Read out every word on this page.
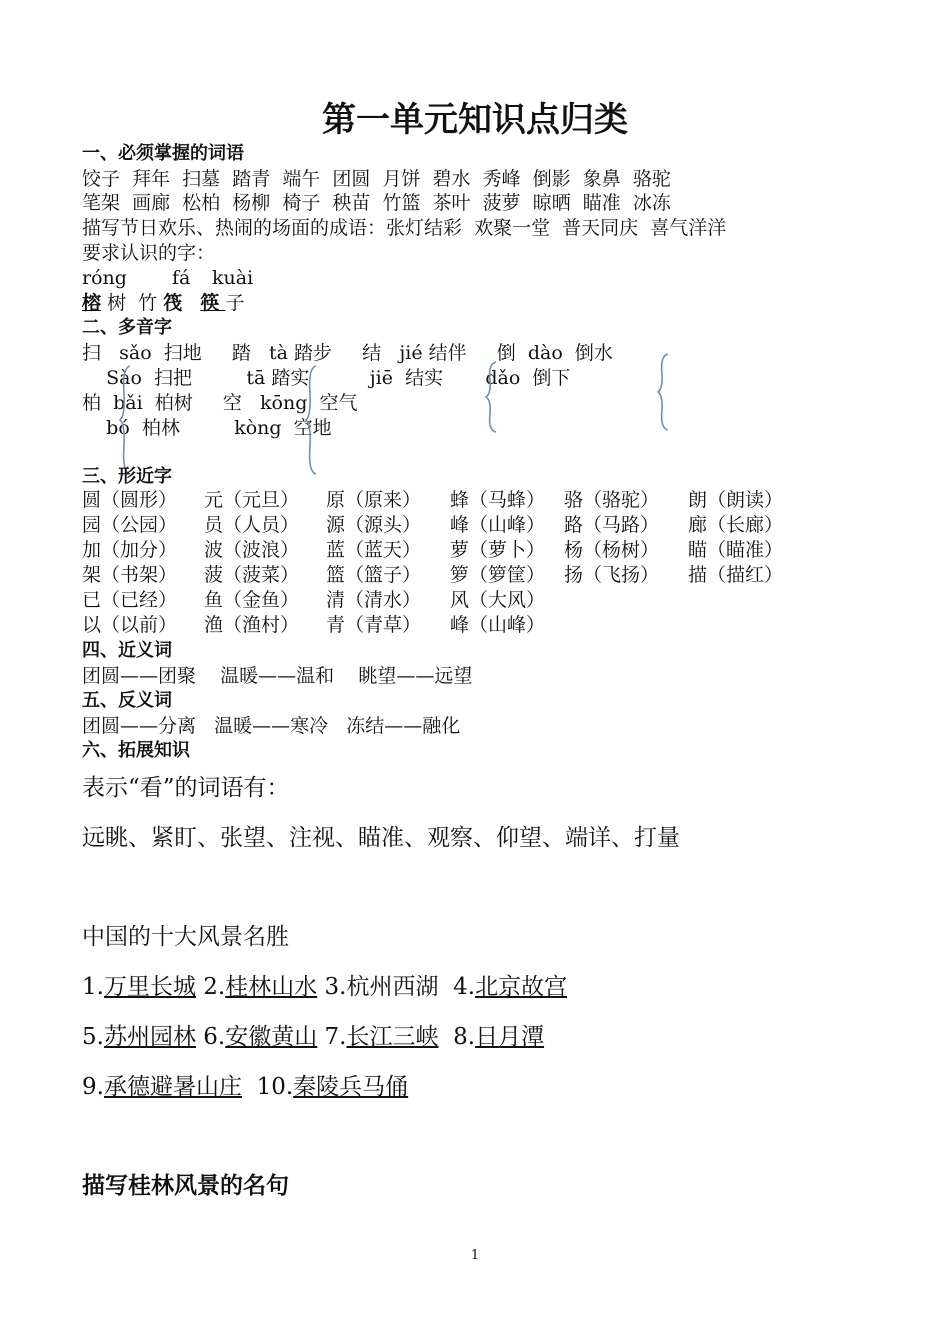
第一单元知识点归类
一、必须掌握的词语
饺子  拜年  扫墓  踏青  端午  团圆  月饼  碧水  秀峰  倒影  象鼻  骆驼
笔架  画廊  松柏  杨柳  椅子  秧苗  竹篮  茶叶  菠萝  晾晒  瞄准  冰冻
描写节日欢乐、热闹的场面的成语：张灯结彩  欢聚一堂  普天同庆  喜气洋洋
要求认识的字：
róng fá kuài
榕 树 竹 筏 筷 子
二、多音字
扫   sǎo  扫地     踏   tà 踏步     结   jié 结伴     倒  dào  倒水
Sào  扫把         tā 踏实          jiē  结实       dǎo  倒下
柏  bǎi  柏树     空   kōng  空气
bó  柏林         kòng  空地
三、形近字
圆（圆形）	元（元旦）	原（原来）	蜂（马蜂） 骆（骆驼）	朗（朗读）
园（公园）	员（人员）	源（源头）	峰（山峰） 路（马路）	廊（长廊）
加（加分）	波（波浪）	蓝（蓝天）	萝（萝卜） 杨（杨树）	瞄（瞄准）
架（书架）	菠（菠菜）	篮（篮子）	箩（箩筐） 扬（飞扬）	描（描红）
已（已经）	鱼（金鱼）	清（清水）	风（大风）
以（以前）	渔（渔村）	青（青草）	峰（山峰）
四、近义词
团圆——团聚    温暖——温和    眺望——远望
五、反义词
团圆——分离   温暖——寒冷   冻结——融化
六、拓展知识
表示“看”的词语有：
远眺、紧盯、张望、注视、瞄准、观察、仰望、端详、打量
中国的十大风景名胜
1.万里长城 2.桂林山水 3.杭州西湖 4.北京故宫
5.苏州园林 6.安徽黄山 7.长江三峡 8.日月潭
9.承德避暑山庄 10.秦陵兵马俑
描写桂林风景的名句
1
